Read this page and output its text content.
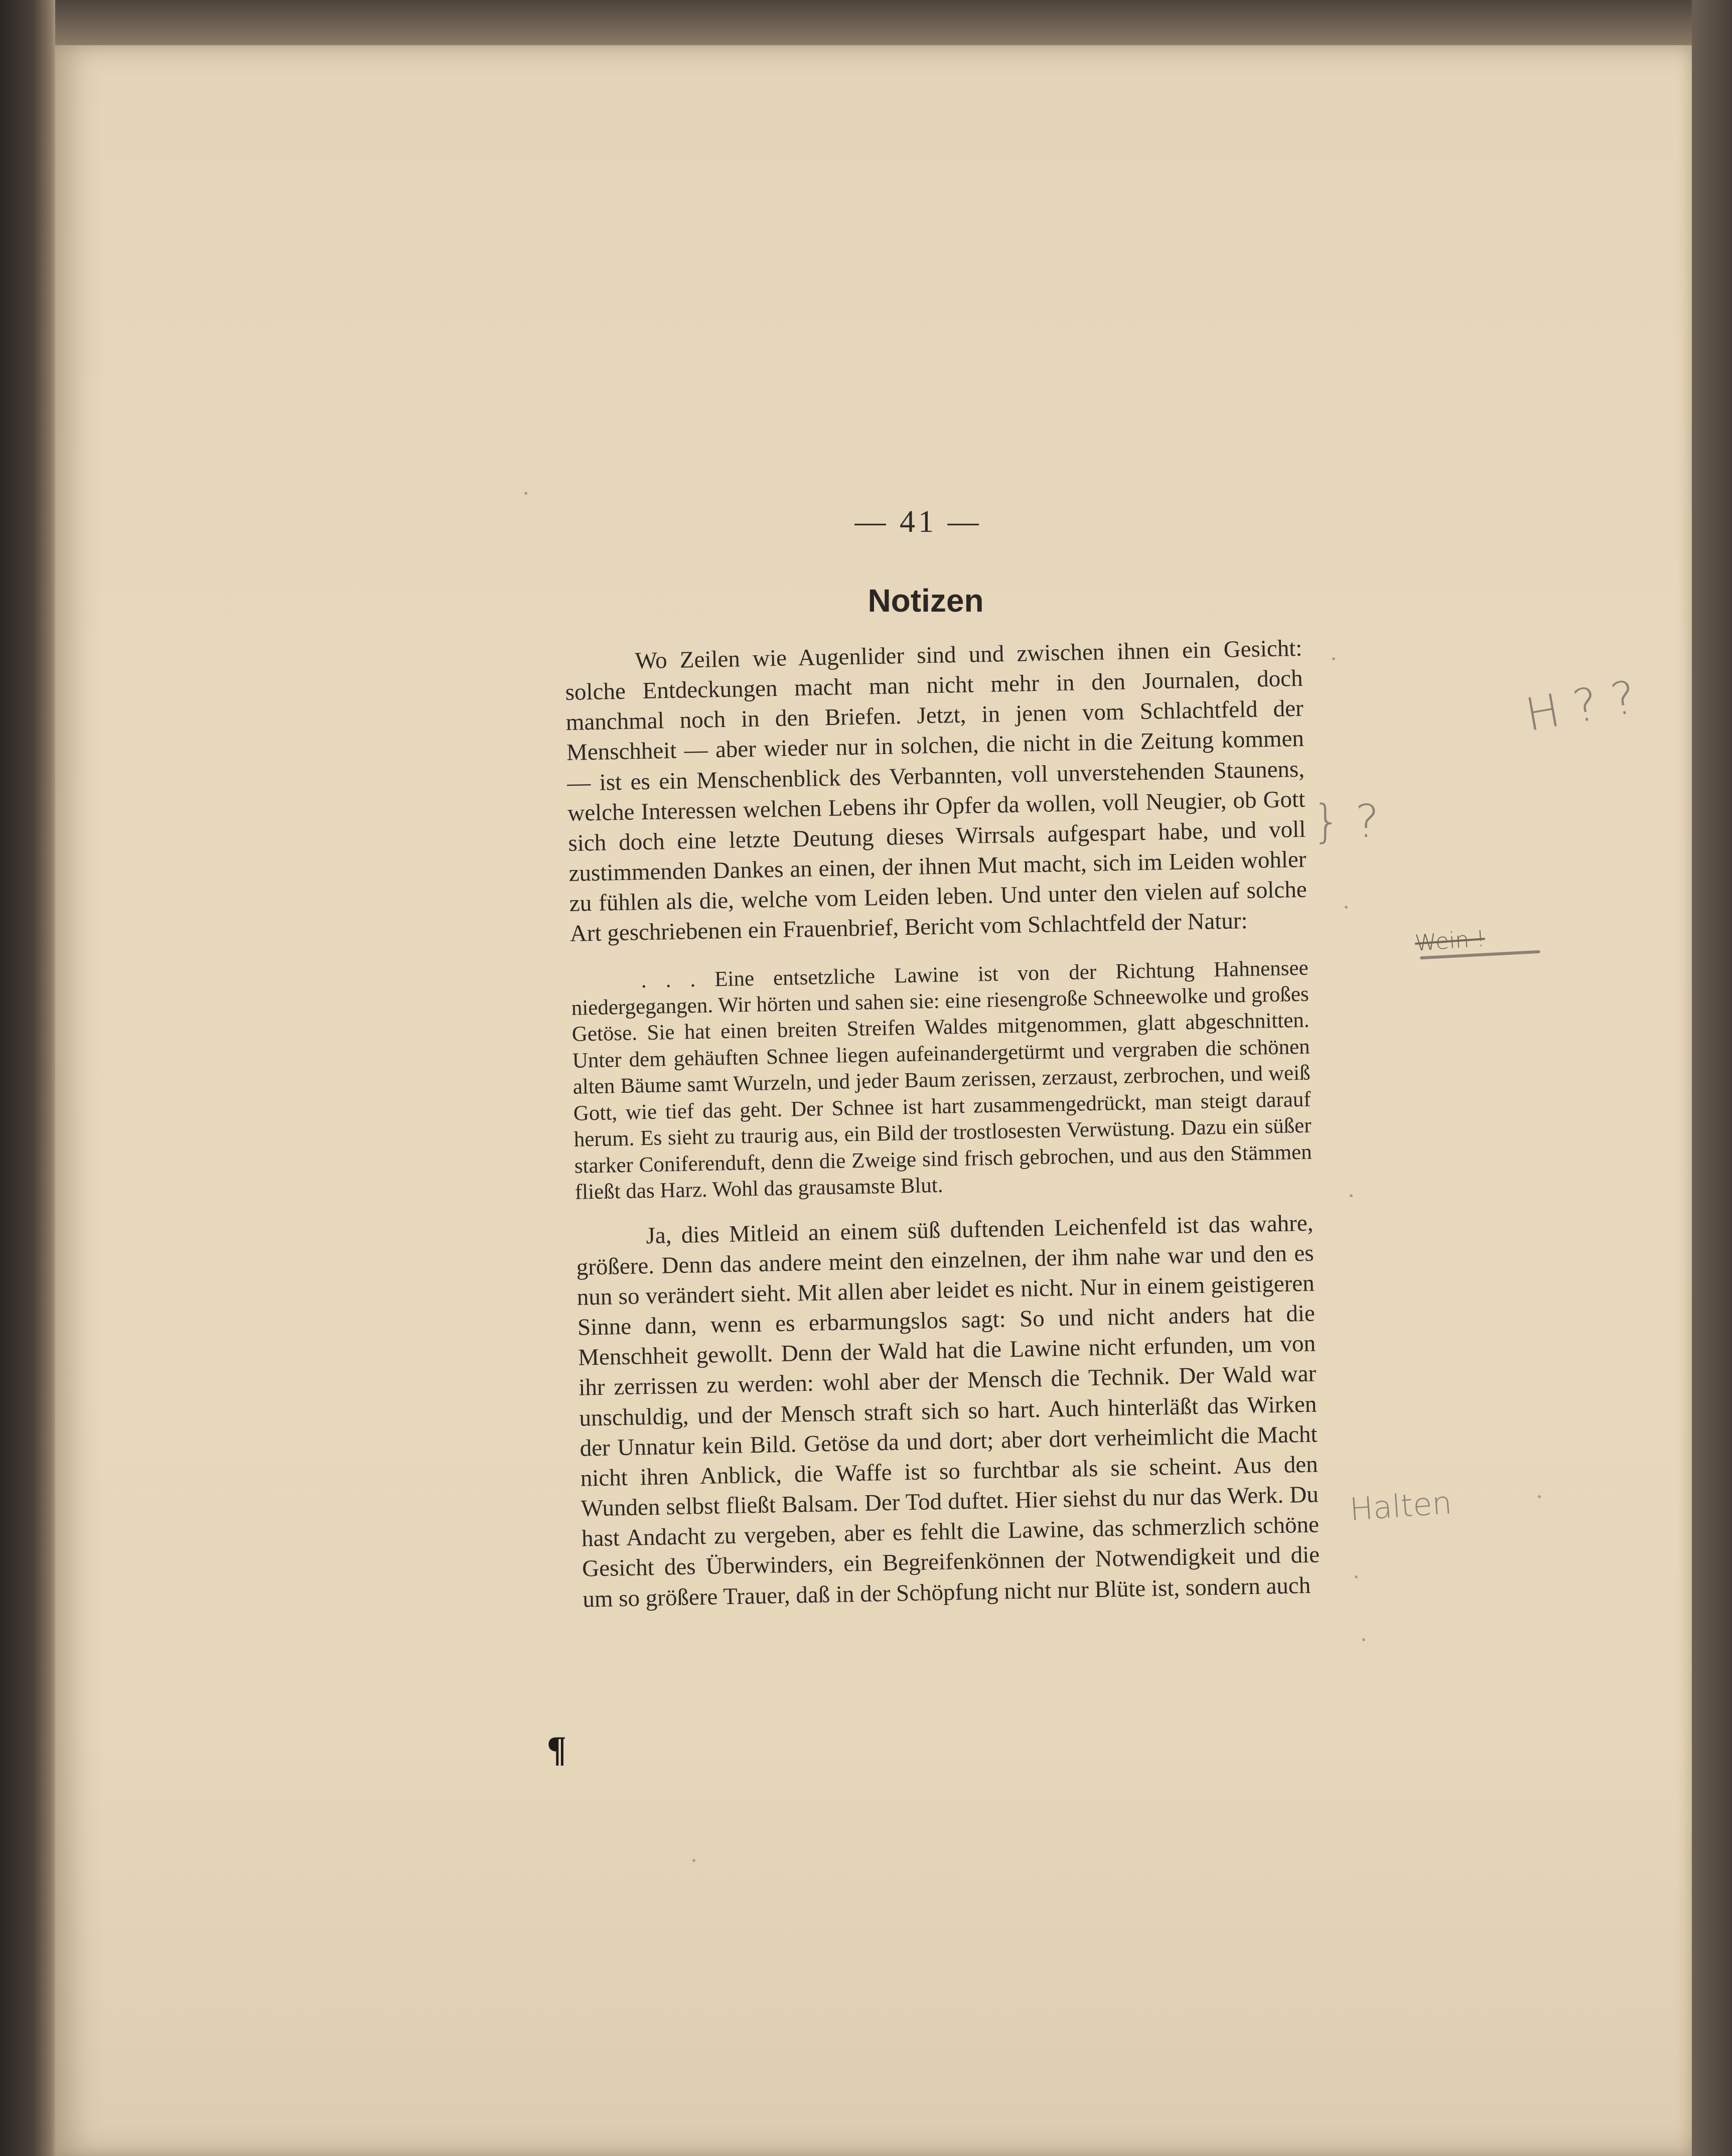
— 41 —
Notizen

Wo Zeilen wie Augenlider sind und zwischen ihnen ein Gesicht: solche Entdeckungen macht man nicht mehr in den Journalen, doch manchmal noch in den Briefen. Jetzt, in jenen vom Schlachtfeld der Menschheit — aber wieder nur in solchen, die nicht in die Zeitung kommen — ist es ein Menschenblick des Verbannten, voll unverstehenden Staunens, welche Interessen welchen Lebens ihr Opfer da wollen, voll Neugier, ob Gott sich doch eine letzte Deutung dieses Wirrsals aufgespart habe, und voll zustimmenden Dankes an einen, der ihnen Mut macht, sich im Leiden wohler zu fühlen als die, welche vom Leiden leben. Und unter den vielen auf solche Art geschriebenen ein Frauenbrief, Bericht vom Schlachtfeld der Natur:

. . . Eine entsetzliche Lawine ist von der Richtung Hahnensee niedergegangen. Wir hörten und sahen sie: eine riesengroße Schneewolke und großes Getöse. Sie hat einen breiten Streifen Waldes mitgenommen, glatt abgeschnitten. Unter dem gehäuften Schnee liegen aufeinandergetürmt und vergraben die schönen alten Bäume samt Wurzeln, und jeder Baum zerissen, zerzaust, zerbrochen, und weiß Gott, wie tief das geht. Der Schnee ist hart zusammengedrückt, man steigt darauf herum. Es sieht zu traurig aus, ein Bild der trostlosesten Verwüstung. Dazu ein süßer starker Coniferenduft, denn die Zweige sind frisch gebrochen, und aus den Stämmen fließt das Harz. Wohl das grausamste Blut.

Ja, dies Mitleid an einem süß duftenden Leichenfeld ist das wahre, größere. Denn das andere meint den einzelnen, der ihm nahe war und den es nun so verändert sieht. Mit allen aber leidet es nicht. Nur in einem geistigeren Sinne dann, wenn es erbarmungslos sagt: So und nicht anders hat die Menschheit gewollt. Denn der Wald hat die Lawine nicht erfunden, um von ihr zerrissen zu werden: wohl aber der Mensch die Technik. Der Wald war unschuldig, und der Mensch straft sich so hart. Auch hinterläßt das Wirken der Unnatur kein Bild. Getöse da und dort; aber dort verheimlicht die Macht nicht ihren Anblick, die Waffe ist so furchtbar als sie scheint. Aus den Wunden selbst fließt Balsam. Der Tod duftet. Hier siehst du nur das Werk. Du hast Andacht zu vergeben, aber es fehlt die Lawine, das schmerzlich schöne Gesicht des Überwinders, ein Begreifenkönnen der Notwendigkeit und die um so größere Trauer, daß in der Schöpfung nicht nur Blüte ist, sondern auch

H ? ?
} ?
Wein !
Halten
¶
